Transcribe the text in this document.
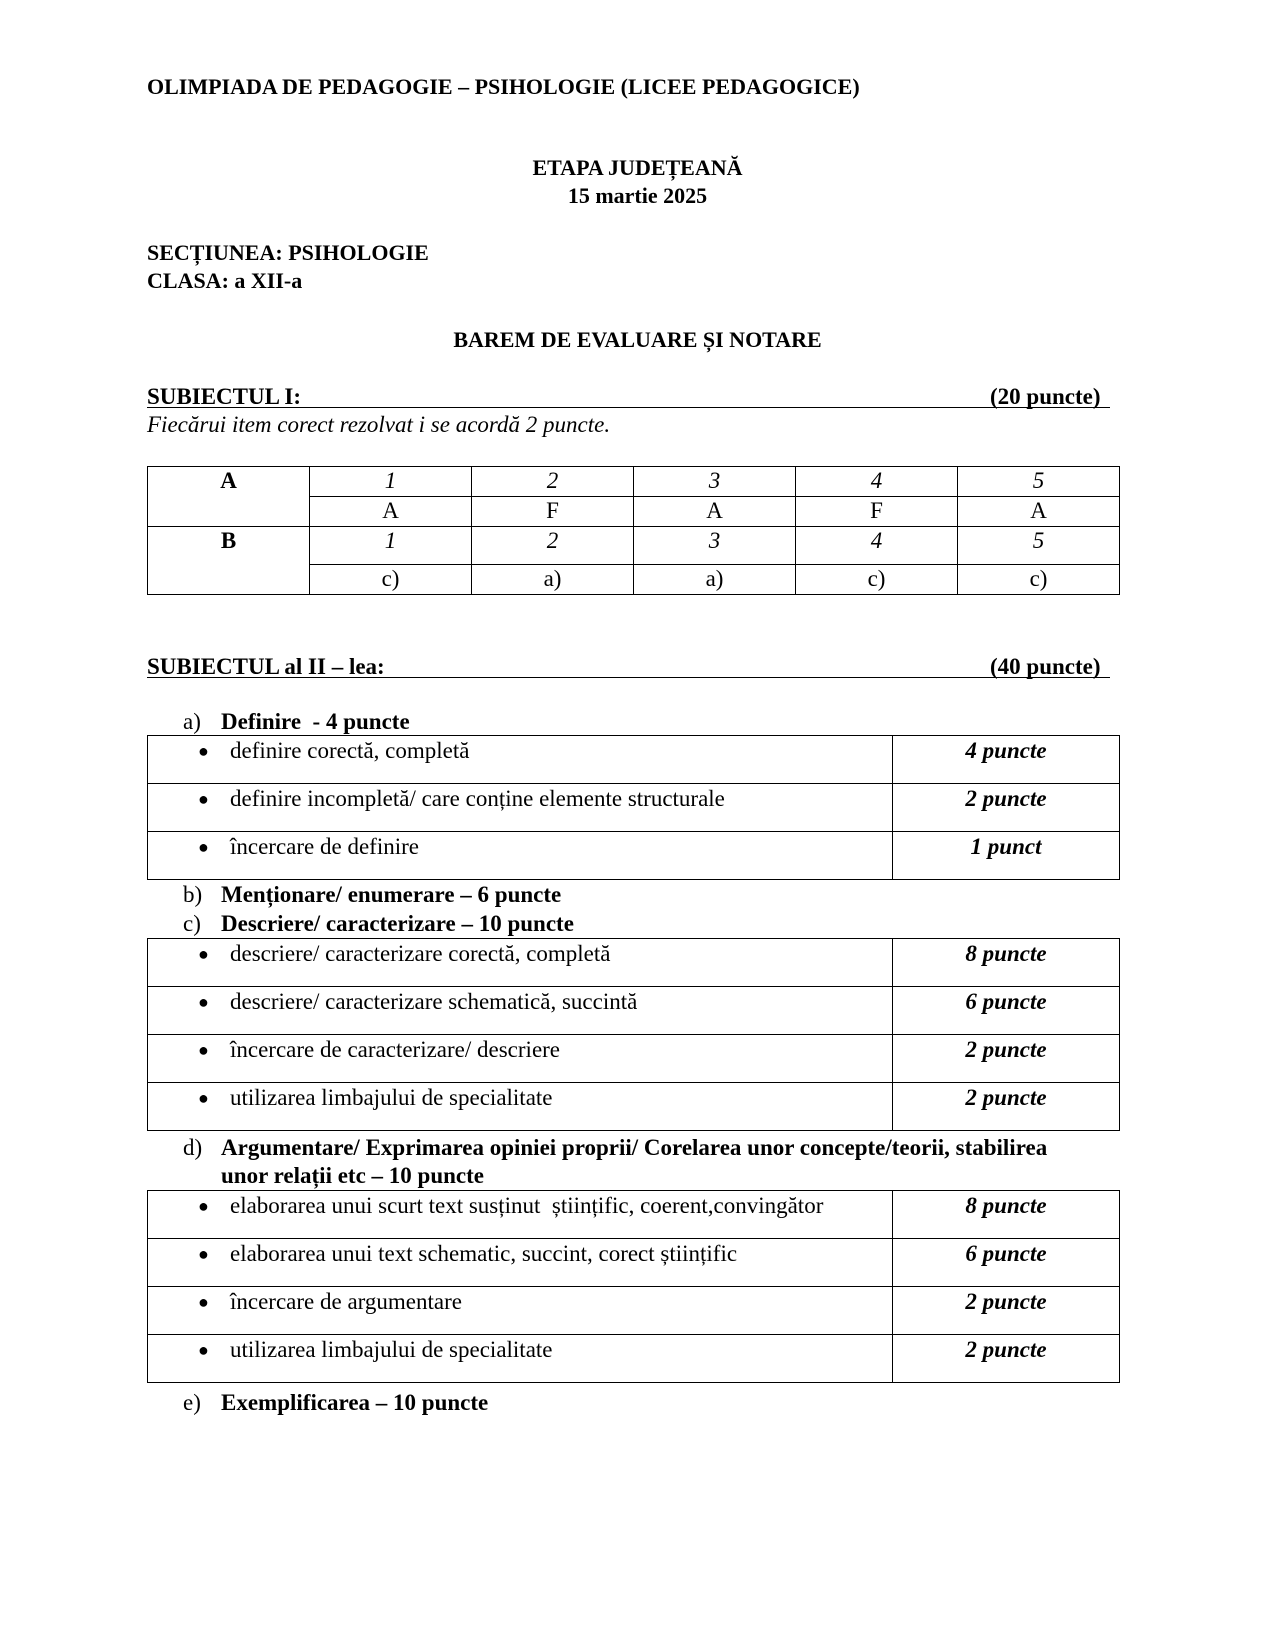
OLIMPIADA DE PEDAGOGIE – PSIHOLOGIE (LICEE PEDAGOGICE)
ETAPA JUDEȚEANĂ
15 martie 2025
SECȚIUNEA: PSIHOLOGIE
CLASA: a XII-a
BAREM DE EVALUARE ȘI NOTARE
SUBIECTUL I:	(20 puncte)
Fiecărui item corect rezolvat i se acordă 2 puncte.
A	1	2	3	4	5
	A	F	A	F	A
B	1	2	3	4	5
	c)	a)	a)	c)	c)
SUBIECTUL al II – lea:	(40 puncte)
a) Definire  - 4 puncte
● definire corectă, completă	4 puncte

● definire incompletă/ care conține elemente structurale	2 puncte

● încercare de definire	1 punct
b) Menționare/ enumerare – 6 puncte
c) Descriere/ caracterizare – 10 puncte
● descriere/ caracterizare corectă, completă	8 puncte

● descriere/ caracterizare schematică, succintă	6 puncte

● încercare de caracterizare/ descriere	2 puncte

● utilizarea limbajului de specialitate	2 puncte
d) Argumentare/ Exprimarea opiniei proprii/ Corelarea unor concepte/teorii, stabilirea
unor relații etc – 10 puncte
● elaborarea unui scurt text susținut  științific, coerent,convingător	8 puncte

● elaborarea unui text schematic, succint, corect științific	6 puncte

● încercare de argumentare	2 puncte

● utilizarea limbajului de specialitate	2 puncte
e) Exemplificarea – 10 puncte
